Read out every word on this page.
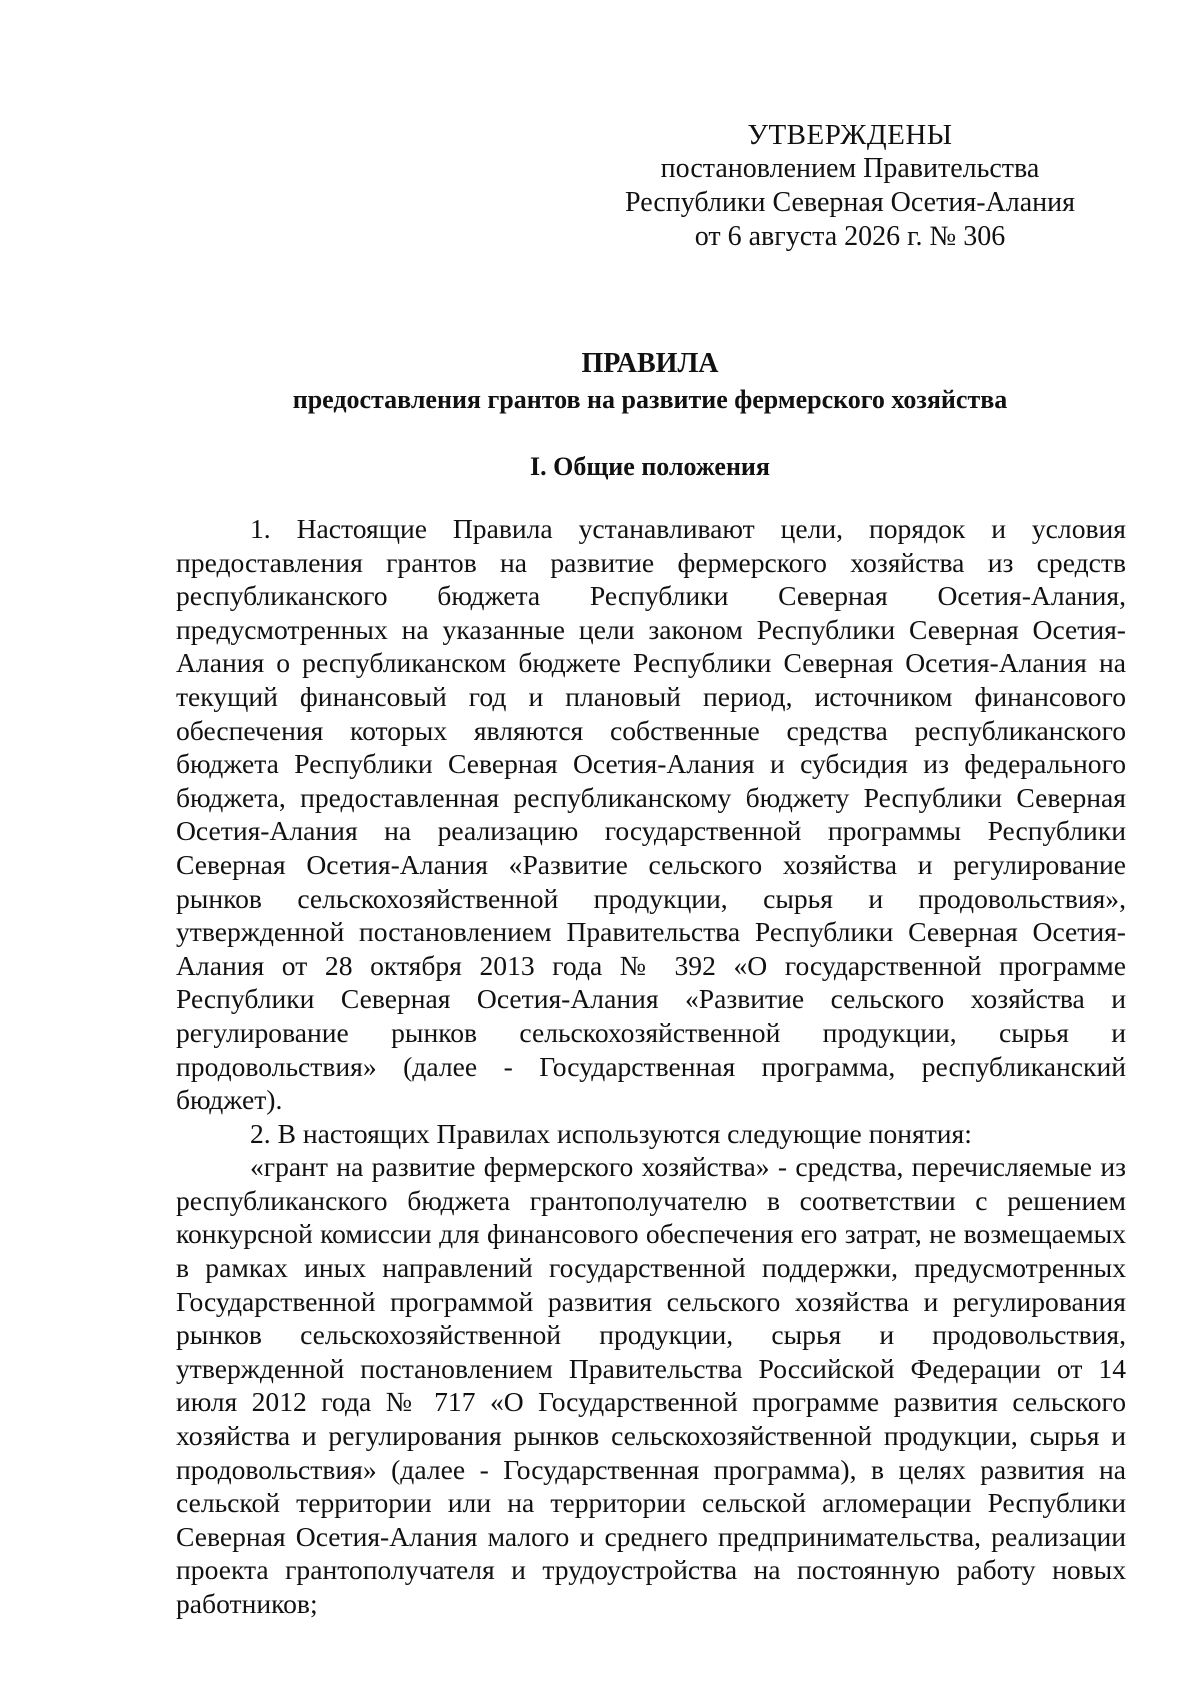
УТВЕРЖДЕНЫ
постановлением Правительства
Республики Северная Осетия-Алания
от 6 августа 2026 г. № 306
ПРАВИЛА
предоставления грантов на развитие фермерского хозяйства
I. Общие положения

1. Настоящие Правила устанавливают цели, порядок и условия предоставления грантов на развитие фермерского хозяйства из средств республиканского бюджета Республики Северная Осетия-Алания, предусмотренных на указанные цели законом Республики Северная Осетия-Алания о республиканском бюджете Республики Северная Осетия-Алания на текущий финансовый год и плановый период, источником финансового обеспечения которых являются собственные средства республиканского бюджета Республики Северная Осетия-Алания и субсидия из федерального бюджета, предоставленная республиканскому бюджету Республики Северная Осетия-Алания на реализацию государственной программы Республики Северная Осетия-Алания «Развитие сельского хозяйства и регулирование рынков сельскохозяйственной продукции, сырья и продовольствия», утвержденной постановлением Правительства Республики Северная Осетия-Алания от 28 октября 2013 года № 392 «О государственной программе Республики Северная Осетия-Алания «Развитие сельского хозяйства и регулирование рынков сельскохозяйственной продукции, сырья и продовольствия» (далее - Государственная программа, республиканский бюджет).

2. В настоящих Правилах используются следующие понятия:

«грант на развитие фермерского хозяйства» - средства, перечисляемые из республиканского бюджета грантополучателю в соответствии с решением конкурсной комиссии для финансового обеспечения его затрат, не возмещаемых в рамках иных направлений государственной поддержки, предусмотренных Государственной программой развития сельского хозяйства и регулирования рынков сельскохозяйственной продукции, сырья и продовольствия, утвержденной постановлением Правительства Российской Федерации от 14 июля 2012 года № 717 «О Государственной программе развития сельского хозяйства и регулирования рынков сельскохозяйственной продукции, сырья и продовольствия» (далее - Государственная программа), в целях развития на сельской территории или на территории сельской агломерации Республики Северная Осетия-Алания малого и среднего предпринимательства, реализации проекта грантополучателя и трудоустройства на постоянную работу новых работников;
